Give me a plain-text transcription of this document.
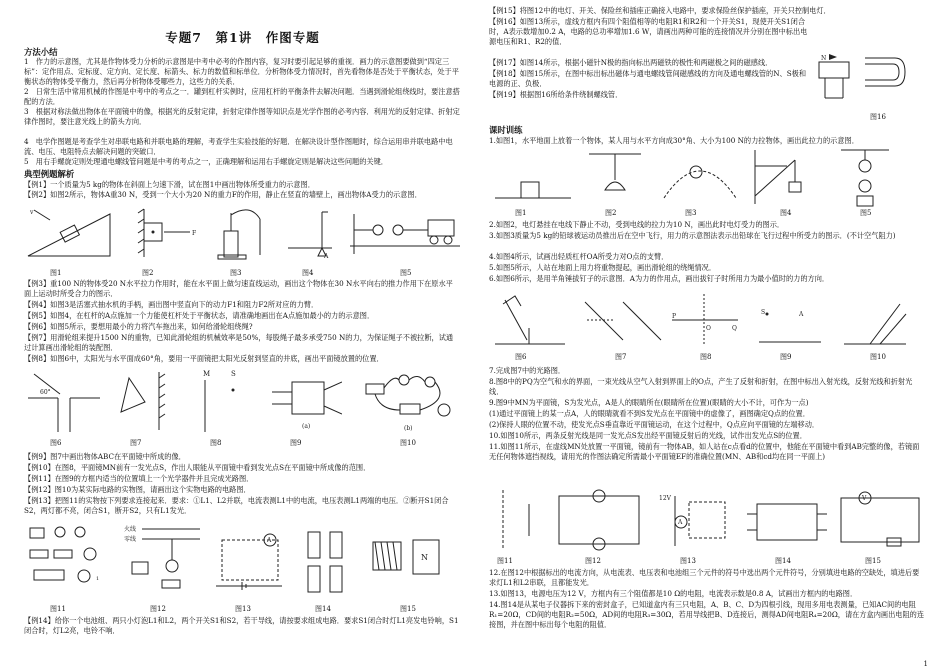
专题7　第1讲　作图专题
方法小结
1　作力的示意图，尤其是作物体受力分析的示意图是中考中必考的作图内容，复习时要引起足够的重视．画力的示意图要做到“四定三标”：定作用点、定标度、定方向、定长度、标箭头、标力的数值和标单位．分析物体受力情况时，首先看物体是否处于平衡状态，处于平衡状态的物体受平衡力，然后再分析物体受哪些力，这些力的关系．
2　日常生活中常用机械的作图是中考中的考点之一．罐到杠杆实例时，应用杠杆的平衡条件去解决问题．当遇到滑轮组绕线时，要注意搭配的方法．
3　根据对称法做出物体在平面镜中的像，根据光的反射定律，折射定律作图等知识点是光学作图的必考内容．利用光的反射定律、折射定律作图时，要注意光线上的箭头方向．
4　电学作图题是考查学生对串联电路和并联电路的理解，考查学生实验技能的好题．在解决设计型作图题时，综合运用串并联电路中电流、电压、电阻特点去解决问题的突破口．
5　用右手螺旋定则处理通电螺线管问题是中考的考点之一，正确理解和运用右手螺旋定则是解决这些问题的关键．
典型例题解析
【例1】一个质量为5 kg的物体在斜面上匀速下滑，试在图1中画出物体所受重力的示意图．
【例2】如图2所示，物体A重30 N，受到一个大小为20 N的重力F的作用，静止在竖直的墙壁上，画出物体A受力的示意图．
v
F
A
图1	图2	图3	图4	图5
【例3】重100 N的物体受20 N水平拉力作用时，能在水平面上做匀速直线运动，画出这个物体在30 N水平向右的推力作用下在原水平面上运动时所受合力的图示．
【例4】如图3是活塞式抽水机的手柄，画出图中竖直向下的动力F1和阻力F2所对应的力臂．
【例5】如图4，在杠杆的A点施加一个力能使杠杆处于平衡状态，请准确地画出在A点施加最小的力的示意图．
【例6】如图5所示，要想用最小的力将汽车拖出来，如何给滑轮组绕绳?
【例7】用滑轮组来提升1500 N的重物，已知此滑轮组的机械效率是50%，每股绳子最多承受750 N的力，为保证绳子不被拉断，试通过计算画出滑轮组的装配图．
【例8】如图6中，太阳光与水平面成60°角，要用一平面镜把太阳光反射到竖直的井底，画出平面镜放置的位置．
60°
M	S
(a)	(b)
图6	图7	图8	图9	图10
【例9】图7中画出物体ABC在平面镜中所成的像．
【例10】在图8，平面镜MN前有一发光点S，作出人眼能从平面镜中看到发光点S在平面镜中所成像的范围．
【例11】在图9的方框内适当的位置填上一个光学器件并且完成光路图．
【例12】图10为某实际电路的实物图，请画出这个实物电路的电路图．
【例13】把图11的实物按下列要求连接起来．要求：①L1、L2并联，电流表测L1中的电流，电压表测L1两端的电压．②断开S1闭合S2，两灯都不亮，闭合S1，断开S2，只有L1发光．
1
火线
零线	A
N
图11	图12	图13	图14	图15
【例14】给你一个电池组、两只小灯泡L1和L2，两个开关S1和S2，若干导线，请按要求组成电路．要求S1闭合时灯L1亮发电铃响，S1闭合时，灯L2亮，电铃不响．
【例15】将图12中的电灯、开关、保险丝和插座正确接入电路中，要求保险丝保护插座，开关只控制电灯．
【例16】如图13所示，虚线方框内有四个阻值相等的电阻R1和R2和一个开关S1，现使开关S1闭合时，A表示数增加0.2 A，电路的总功率增加1.6 W，请画出两种可能的连接情况并分别在图中标出电源电压和R1、R2的值．
【例17】如图14所示，根据小磁针N极的指向标出两磁铁的极性和两磁极之间的磁感线．
【例18】如图15所示，在图中标出标出磁体与通电螺线管间磁感线的方向及通电螺线管的N、S极和电源的正、负极．
【例19】根据图16所给条件绕制螺线管．
N
图16
课时训练
1.如图1，水平地面上放着一个物体，某人用与水平方向成30°角、大小为100 N的力拉物体，画出此拉力的示意图．
图1	图2	图3	图4	图5
2.如图2，电灯悬挂在电线下静止不动，受到电线的拉力为10 N，画出此时电灯受力的图示．
3.如图3质量为5 kg的铅球被运动员推出后在空中飞行，用力的示意图法表示出铅球在飞行过程中所受力的图示．(不计空气阻力)
4.如图4所示，试画出轻质杠杆OA所受力对O点的支臂．
5.如图5所示，人站在地面上用力将重物提起，画出滑轮组的绕绳情况．
6.如图6所示，是用羊角锤拔钉子的示意图．A为力的作用点，画出拔钉子时所用力为最小值时的力的方向．
P
Q
O
S	A
图6	图7	图8	图9	图10
7.完成图7中的光路图．
8.图8中的PQ为空气和水的界面，一束光线从空气入射到界面上的O点，产生了反射和折射，在图中标出入射光线，反射光线和折射光线．
9.图9中MN为平面镜，S为发光点，A是人的眼睛所在(眼睛所在位置)(眼睛的大小不计，可作为一点)
(1)通过平面镜上的某一点A，人的眼睛就看不到S发光点在平面镜中的虚像了，画图确定Q点的位置．
(2)保持人眼的位置不动，使发光点S垂直靠近平面镜运动，在这个过程中，Q点应向平面镜的左端移动．
10.如图10所示，两条反射光线是同一发光点S发出经平面镜反射后的光线，试作出发光点S的位置．
11.如图11所示，在虚线MN处放置一平面镜，镜前有一物体AB，如人站在c点看d的位置中，他能在平面镜中看到AB完整的像，若镜面无任何物体遮挡视线，请用光的作图法确定所需最小平面镜EF的准确位置(MN、AB和cd均在同一平面上)
12V
A
V
图11	图12	图13	图14	图15
12.在图12中根据标出的电流方向，从电流表、电压表和电池组三个元件的符号中选出两个元件符号，分别填进电路的空缺处，填进后要求灯L1和L2串联，且都能发光．
13.如图13，电源电压为12 V，方框内有三个阻值都是10 Ω的电阻，电流表示数是0.8 A，试画出方框内的电路图．
14.图14是从某电子仪器拆下来的密封盒子，已知道盒内有三只电阻，A、B、C、D为四根引线，现用多用电表测量，已知AC间的电阻R₁=20Ω，CD间的电阻R₂=50Ω，AD间的电阻R₃=30Ω，若用导线把B、D连接后，测得AD间电阻R₄=20Ω，请在方盒内画出电阻的连接图，并在图中标出每个电阻的阻值．
1
